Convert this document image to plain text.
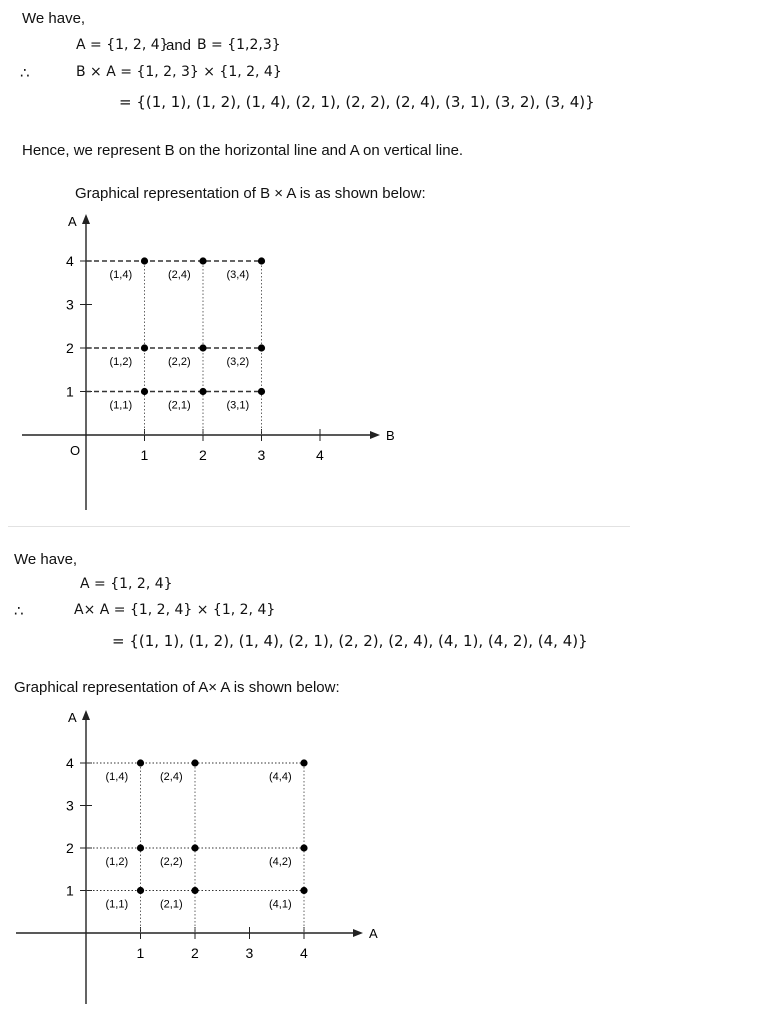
We have,
A = {1, 2, 4}
and B = {1,2,3}
∴	B × A = {1, 2, 3} × {1, 2, 4}
= {(1, 1), (1, 2), (1, 4), (2, 1), (2, 2), (2, 4), (3, 1), (3, 2), (3, 4)}
Hence, we represent B on the horizontal line and A on vertical line.
Graphical representation of B × A is as shown below:
B
A
O	1	2	3	4
1
2
3
4
(1,1)
(1,2)
(1,4)
(2,1)
(2,2)
(2,4)
(3,1)
(3,2)
(3,4)
We have,
A = {1, 2, 4}
∴	A× A = {1, 2, 4} × {1, 2, 4}
= {(1, 1), (1, 2), (1, 4), (2, 1), (2, 2), (2, 4), (4, 1), (4, 2), (4, 4)}
Graphical representation of A× A is shown below:
A
A
1	2	3	4
1
2
3
4
(1,1)
(1,2)
(1,4)
(2,1)
(2,2)
(2,4)
(4,1)
(4,2)
(4,4)
